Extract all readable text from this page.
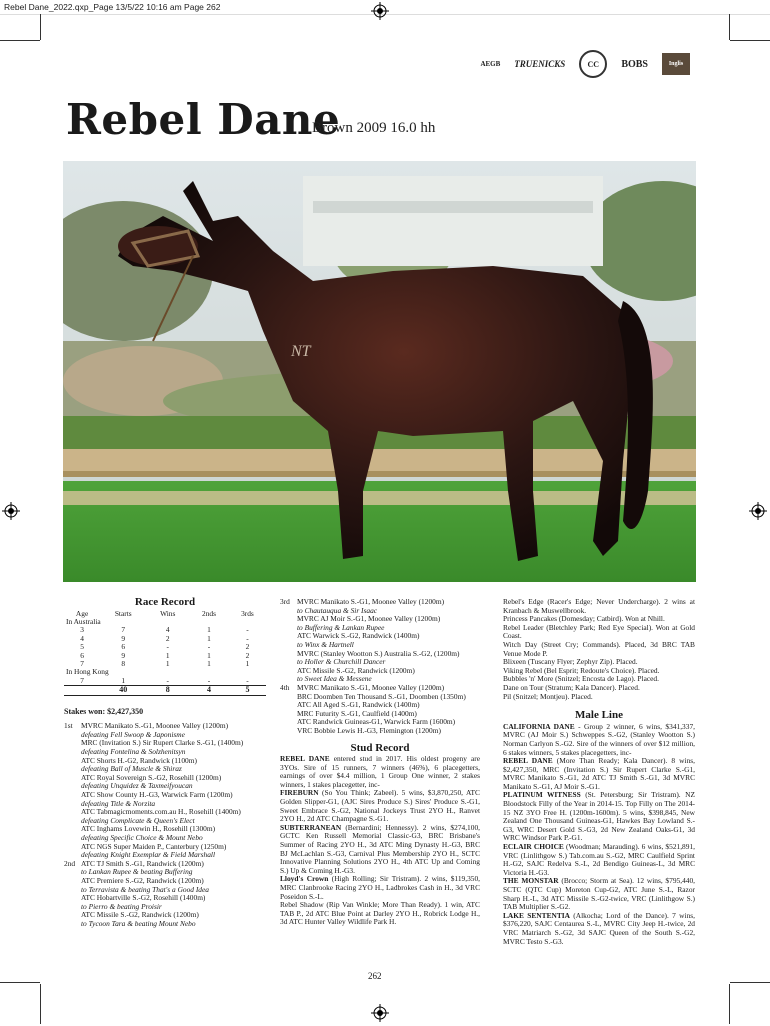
Rebel Dane_2022.qxp_Page 13/5/22 10:16 am Page 262
AEGB TRUENICKS	CC	BOBS	Inglis
Rebel Dane
Brown 2009 16.0 hh
NT
Race Record
Age	Starts	Wins	2nds	3rds
In Australia				
3	7	4	1	-
4	9	2	1	-
5	6	-	-	2
6	9	1	1	2
7	8	1	1	1
In Hong Kong				
7	1	-	-	-
	40	8	4	5
Stakes won: $2,427,350
1st	MVRC Manikato S.-G1, Moonee Valley (1200m)
defeating Fell Swoop & Japonisme
MRC (Invitation S.) Sir Rupert Clarke S.-G1, (1400m)
defeating Fontelina & Solzhenitsyn
ATC Shorts H.-G2, Randwick (1100m)
defeating Ball of Muscle & Shiraz
ATC Royal Sovereign S.-G2, Rosehill (1200m)
defeating Unquidez & Taxmeifyoucan
ATC Show County H.-G3, Warwick Farm (1200m)
defeating Title & Norzita
ATC Tabmagicmoments.com.au H., Rosehill (1400m)
defeating Complicate & Queen's Elect
ATC Inghams Lovewin H., Rosehill (1300m)
defeating Specific Choice & Mount Nebo
ATC NGS Super Maiden P., Canterbury (1250m)
defeating Knight Exemplar & Field Marshall
2nd ATC TJ Smith S.-G1, Randwick (1200m)
to Lankan Rupee & beating Buffering
ATC Premiere S.-G2, Randwick (1200m)
to Terravista & beating That's a Good Idea
ATC Hobartville S.-G2, Rosehill (1400m)
to Pierro & beating Proisir
ATC Missile S.-G2, Randwick (1200m)
to Tycoon Tara & beating Mount Nebo
3rd MVRC Manikato S.-G1, Moonee Valley (1200m)
to Chautauqua & Sir Isaac
MVRC AJ Moir S.-G1, Moonee Valley (1200m)
to Buffering & Lankan Rupee
ATC Warwick S.-G2, Randwick (1400m)
to Winx & Hartnell
MVRC (Stanley Wootton S.) Australia S.-G2, (1200m)
to Holler & Churchill Dancer
ATC Missile S.-G2, Randwick (1200m)
to Sweet Idea & Messene
4th	MVRC Manikato S.-G1, Moonee Valley (1200m)
BRC Doomben Ten Thousand S.-G1, Doomben (1350m)
ATC All Aged S.-G1, Randwick (1400m)
MRC Futurity S.-G1, Caulfield (1400m)
ATC Randwick Guineas-G1, Warwick Farm (1600m)
VRC Bobbie Lewis H.-G3, Flemington (1200m)
Stud Record

REBEL DANE entered stud in 2017. His oldest progeny are 3YOs. Sire of 15 runners, 7 winners (46%), 6 placegetters, earnings of over $4.4 million, 1 Group One winner, 2 stakes winners, 1 stakes placegetter, inc-

FIREBURN (So You Think; Zabeel). 5 wins, $3,870,250, ATC Golden Slipper-G1, (AJC Sires Produce S.) Sires' Produce S.-G1, Sweet Embrace S.-G2, National Jockeys Trust 2YO H., Ranvet 2YO H., 2d ATC Champagne S.-G1.

SUBTERRANEAN (Bernardini; Hennessy). 2 wins, $274,100, GCTC Ken Russell Memorial Classic-G3, BRC Brisbane's Summer of Racing 2YO H., 3d ATC Ming Dynasty H.-G3, BRC BJ McLachlan S.-G3, Carnival Plus Membership 2YO H., SCTC Innovative Planning Solutions 2YO H., 4th ATC Up and Coming S.) Up & Coming H.-G3.

Lloyd's Crown (High Rolling; Sir Tristram). 2 wins, $119,350, MRC Clanbrooke Racing 2YO H., Ladbrokes Cash in H., 3d VRC Poseidon S.-L.

Rebel Shadow (Rip Van Winkle; More Than Ready). 1 win, ATC TAB P., 2d ATC Blue Point at Darley 2YO H., Robrick Lodge H., 3d ATC Hunter Valley Wildlife Park H.

Rebel's Edge (Racer's Edge; Never Undercharge). 2 wins at Kranbach & Muswellbrook.

Princess Pancakes (Domesday; Catbird). Won at Nhill.

Rebel Leader (Bletchley Park; Red Eye Special). Won at Gold Coast.

Witch Day (Street Cry; Commands). Placed, 3d BRC TAB Venue Mode P.

Blixeen (Tuscany Flyer; Zephyr Zip). Placed.

Viking Rebel (Bel Esprit; Redoute's Choice). Placed.

Bubbles 'n' More (Snitzel; Encosta de Lago). Placed.

Dane on Tour (Stratum; Kala Dancer). Placed.

Pil (Snitzel; Montjeu). Placed.

Male Line

CALIFORNIA DANE - Group 2 winner, 6 wins, $341,337, MVRC (AJ Moir S.) Schweppes S.-G2, (Stanley Wootton S.) Norman Carlyon S.-G2. Sire of the winners of over $12 million, 6 stakes winners, 5 stakes placegetters, inc-

REBEL DANE (More Than Ready; Kala Dancer). 8 wins, $2,427,350, MRC (Invitation S.) Sir Rupert Clarke S.-G1, MVRC Manikato S.-G1, 2d ATC TJ Smith S.-G1, 3d MVRC Manikato S.-G1, AJ Moir S.-G1.

PLATINUM WITNESS (St. Petersburg; Sir Tristram). NZ Bloodstock Filly of the Year in 2014-15. Top Filly on The 2014-15 NZ 3YO Free H. (1200m-1600m). 5 wins, $398,845, New Zealand One Thousand Guineas-G1, Hawkes Bay Lowland S.-G3, WRC Desert Gold S.-G3, 2d New Zealand Oaks-G1, 3d WRC Windsor Park P.-G1.

ECLAIR CHOICE (Woodman; Marauding). 6 wins, $521,891, VRC (Linlithgow S.) Tab.com.au S.-G2, MRC Caulfield Sprint H.-G2, SAJC Redelva S.-L, 2d Bendigo Guineas-L, 3d MRC Victoria H.-G3.

THE MONSTAR (Brocco; Storm at Sea). 12 wins, $795,440, SCTC (QTC Cup) Moreton Cup-G2, ATC June S.-L, Razor Sharp H.-L, 3d ATC Missile S.-G2-twice, VRC (Linlithgow S.) TAB Multiplier S.-G2.

LAKE SENTENTIA (Alkocha; Lord of the Dance). 7 wins, $376,220, SAJC Centaurea S.-L, MVRC City Jeep H.-twice, 2d VRC Matriarch S.-G2, 3d SAJC Queen of the South S.-G2, MVRC Testo S.-G3.

262
